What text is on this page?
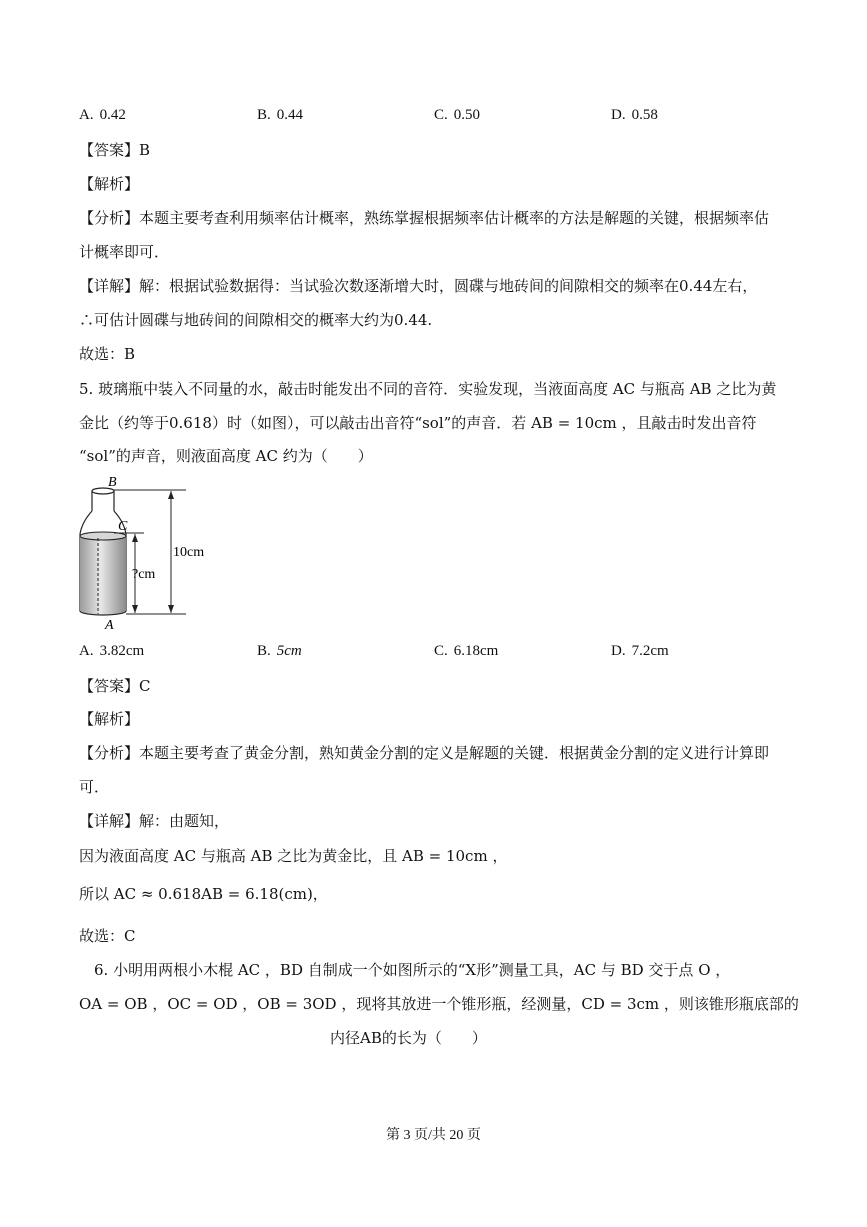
A. 0.42	B. 0.44	C. 0.50	D. 0.58
【答案】B
【解析】
【分析】本题主要考查利用频率估计概率，熟练掌握根据频率估计概率的方法是解题的关键，根据频率估
计概率即可．
【详解】解：根据试验数据得：当试验次数逐渐增大时，圆碟与地砖间的间隙相交的频率在0.44左右，
∴可估计圆碟与地砖间的间隙相交的概率大约为0.44.
故选：B
5. 玻璃瓶中装入不同量的水，敲击时能发出不同的音符．实验发现，当液面高度 AC 与瓶高 AB 之比为黄
金比（约等于0.618）时（如图），可以敲击出音符“sol”的声音．若 AB = 10cm ，且敲击时发出音符
“sol”的声音，则液面高度 AC 约为（　　）
B
C
A
10cm
?cm
A. 3.82cm	B. 5cm	C. 6.18cm	D. 7.2cm
【答案】C
【解析】
【分析】本题主要考查了黄金分割，熟知黄金分割的定义是解题的关键．根据黄金分割的定义进行计算即
可．
【详解】解：由题知，
因为液面高度 AC 与瓶高 AB 之比为黄金比，且 AB = 10cm ，
所以 AC ≈ 0.618AB = 6.18(cm)，
故选：C
6. 小明用两根小木棍 AC ，BD 自制成一个如图所示的“X形”测量工具，AC 与 BD 交于点 O ，
OA = OB ，OC = OD ，OB = 3OD ，现将其放进一个锥形瓶，经测量，CD = 3cm ，则该锥形瓶底部的
内径AB的长为（　　）
第 3 页/共 20 页
